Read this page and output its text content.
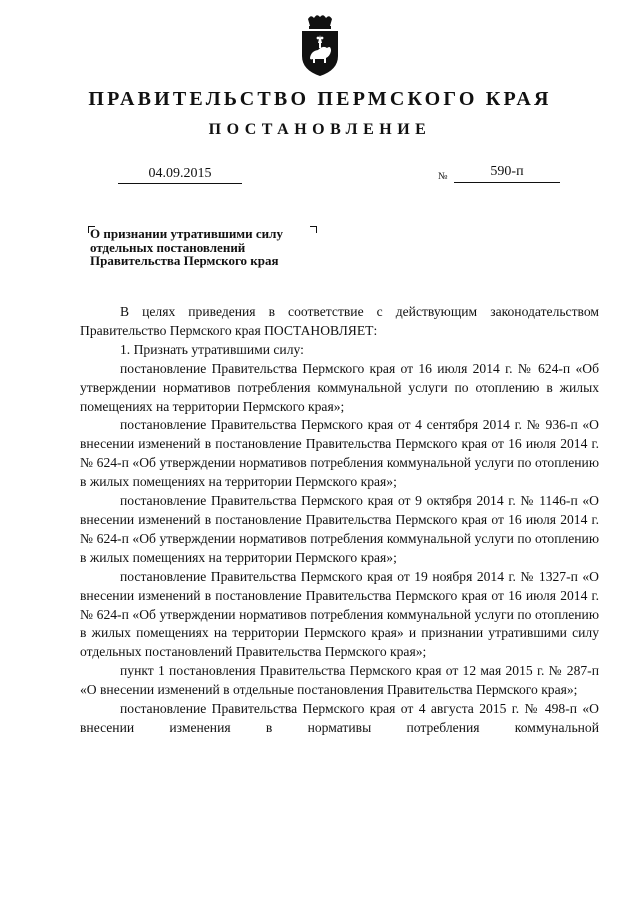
ПРАВИТЕЛЬСТВО ПЕРМСКОГО КРАЯ
ПОСТАНОВЛЕНИЕ
04.09.2015	№	590-п
О признании утратившими силу
отдельных постановлений
Правительства Пермского края

В целях приведения в соответствие с действующим законодательством Правительство Пермского края ПОСТАНОВЛЯЕТ:

1. Признать утратившими силу:

постановление Правительства Пермского края от 16 июля 2014 г. № 624-п «Об утверждении нормативов потребления коммунальной услуги по отоплению в жилых помещениях на территории Пермского края»;

постановление Правительства Пермского края от 4 сентября 2014 г. № 936-п «О внесении изменений в постановление Правительства Пермского края от 16 июля 2014 г. № 624-п «Об утверждении нормативов потребления коммунальной услуги по отоплению в жилых помещениях на территории Пермского края»;

постановление Правительства Пермского края от 9 октября 2014 г. № 1146-п «О внесении изменений в постановление Правительства Пермского края от 16 июля 2014 г. № 624-п «Об утверждении нормативов потребления коммунальной услуги по отоплению в жилых помещениях на территории Пермского края»;

постановление Правительства Пермского края от 19 ноября 2014 г. № 1327-п «О внесении изменений в постановление Правительства Пермского края от 16 июля 2014 г. № 624-п «Об утверждении нормативов потребления коммунальной услуги по отоплению в жилых помещениях на территории Пермского края» и признании утратившими силу отдельных постановлений Правительства Пермского края»;

пункт 1 постановления Правительства Пермского края от 12 мая 2015 г. № 287-п «О внесении изменений в отдельные постановления Правительства Пермского края»;

постановление Правительства Пермского края от 4 августа 2015 г. № 498-п «О внесении изменения в нормативы потребления коммунальной
